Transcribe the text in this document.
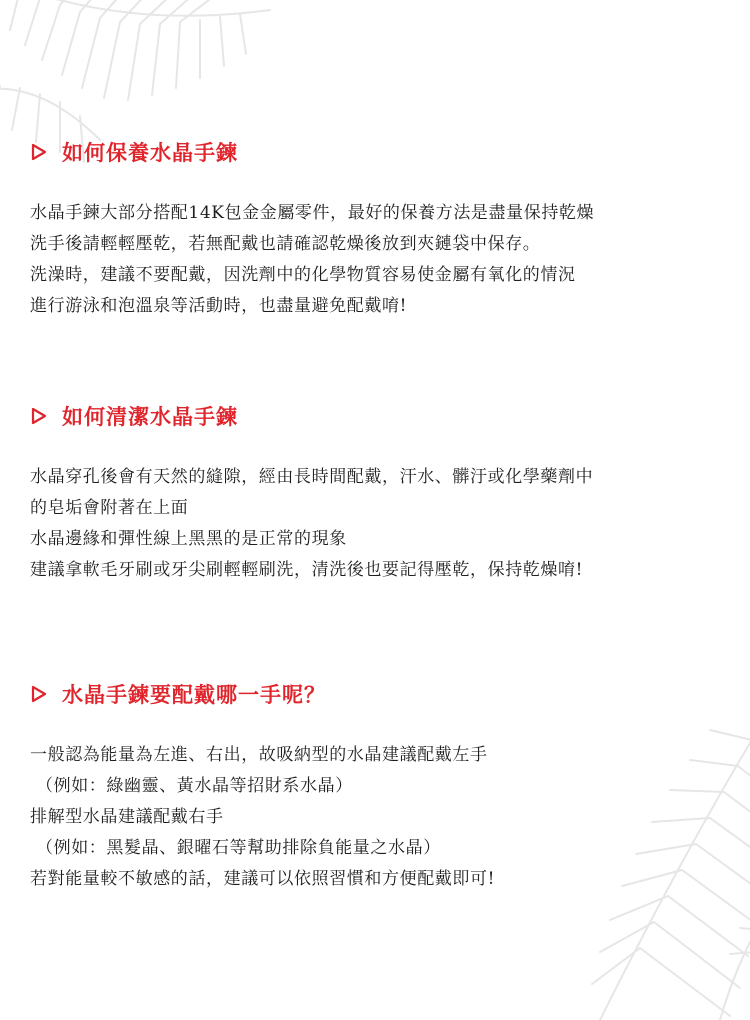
如何保養水晶手鍊
水晶手鍊大部分搭配14K包金金屬零件，最好的保養方法是盡量保持乾燥
洗手後請輕輕壓乾，若無配戴也請確認乾燥後放到夾鏈袋中保存。
洗澡時，建議不要配戴，因洗劑中的化學物質容易使金屬有氧化的情況
進行游泳和泡溫泉等活動時，也盡量避免配戴唷!
如何清潔水晶手鍊
水晶穿孔後會有天然的縫隙，經由長時間配戴，汗水、髒汙或化學藥劑中
的皂垢會附著在上面
水晶邊緣和彈性線上黑黑的是正常的現象
建議拿軟毛牙刷或牙尖刷輕輕刷洗，清洗後也要記得壓乾，保持乾燥唷!
水晶手鍊要配戴哪一手呢？
一般認為能量為左進、右出，故吸納型的水晶建議配戴左手
（例如：綠幽靈、黃水晶等招財系水晶）
排解型水晶建議配戴右手
（例如：黑髮晶、銀曜石等幫助排除負能量之水晶）
若對能量較不敏感的話，建議可以依照習慣和方便配戴即可!
